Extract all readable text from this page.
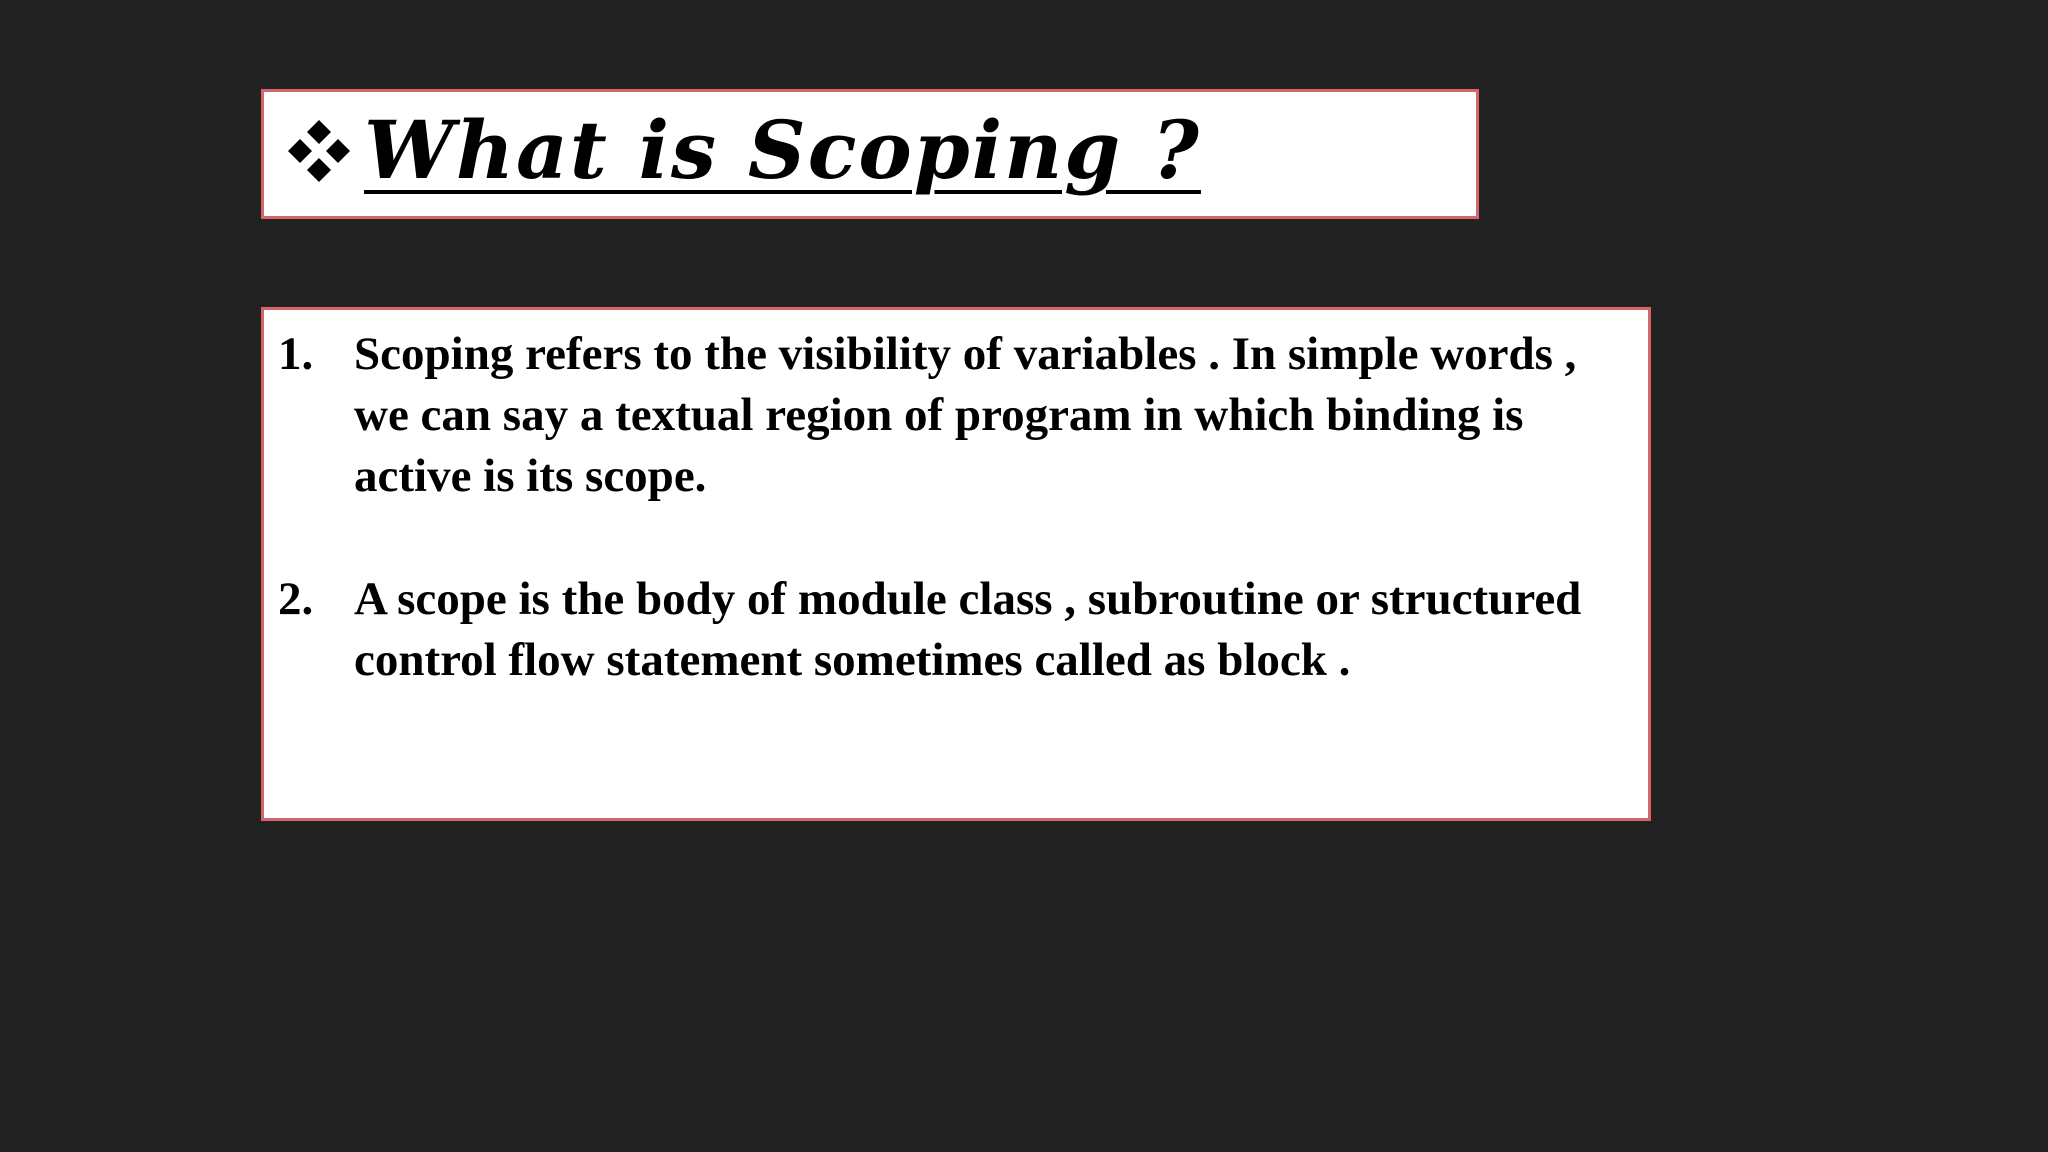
What is Scoping ?
1. Scoping refers to the visibility of variables . In simple words , we can say a textual region of program in which binding is active is its scope.
2. A scope is the body of module class , subroutine or structured control flow statement sometimes called as block .
